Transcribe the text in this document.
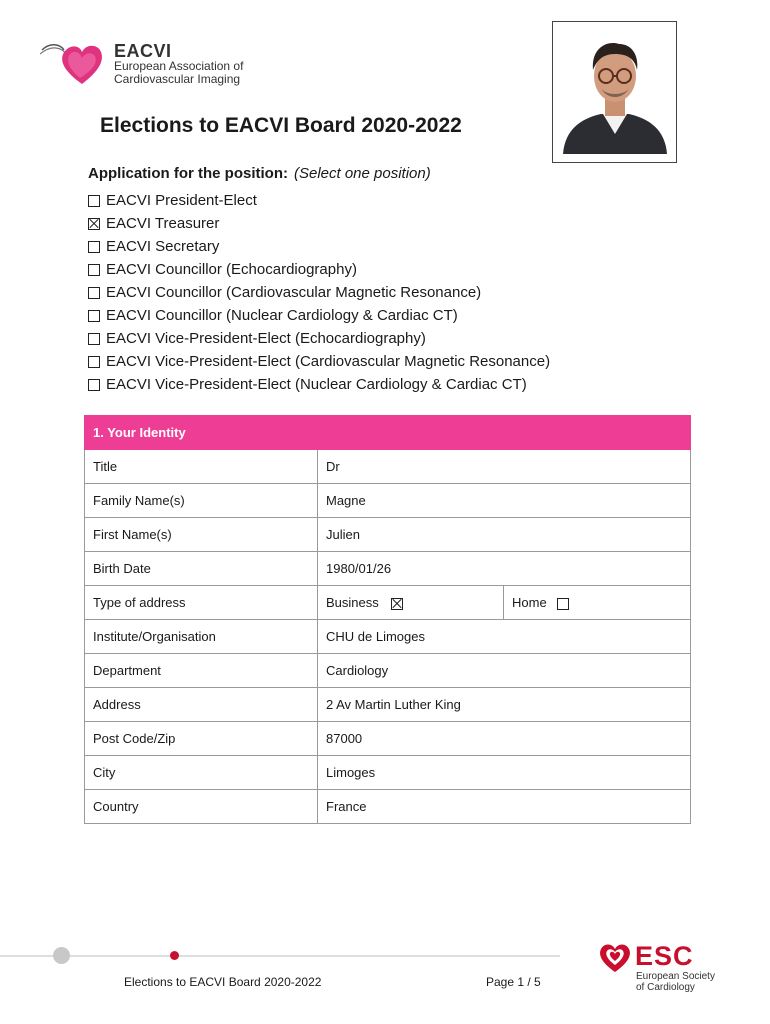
EACVI
European Association of
Cardiovascular Imaging
Elections to EACVI Board 2020-2022
Application for the position: (Select one position)
EACVI President-Elect
EACVI Treasurer
EACVI Secretary
EACVI Councillor (Echocardiography)
EACVI Councillor (Cardiovascular Magnetic Resonance)
EACVI Councillor (Nuclear Cardiology & Cardiac CT)
EACVI Vice-President-Elect (Echocardiography)
EACVI Vice-President-Elect (Cardiovascular Magnetic Resonance)
EACVI Vice-President-Elect (Nuclear Cardiology & Cardiac CT)
1. Your Identity		
Title	Dr	
Family Name(s)	Magne	
First Name(s)	Julien	
Birth Date	1980/01/26	
Type of address	Business	Home
Institute/Organisation	CHU de Limoges	
Department	Cardiology	
Address	2 Av Martin Luther King	
Post Code/Zip	87000	
City	Limoges	
Country	France	
Elections to EACVI Board 2020-2022	Page 1 / 5
ESC
European Society
of Cardiology
